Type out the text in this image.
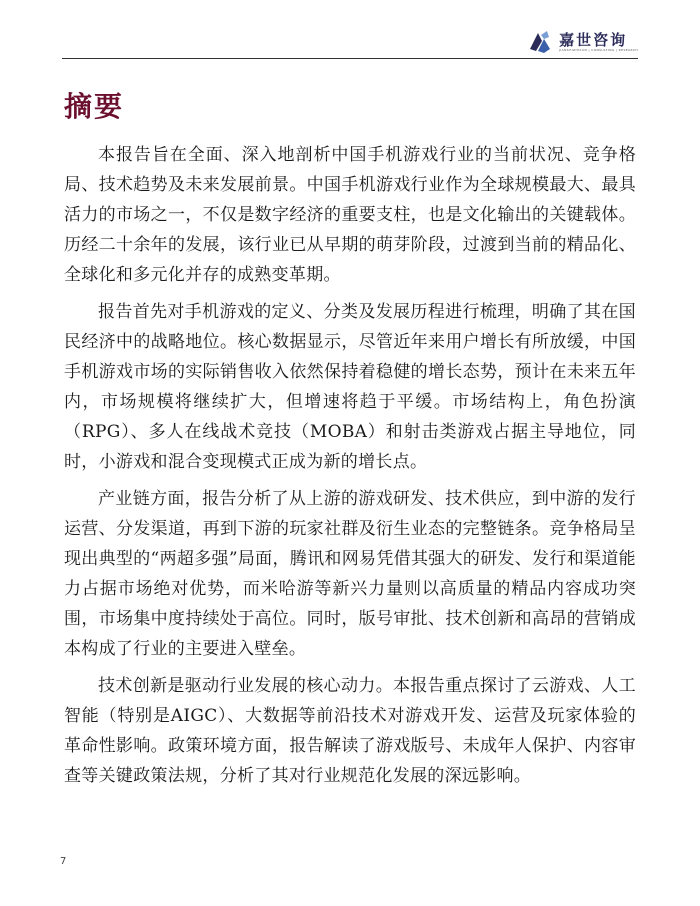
嘉世咨询
JIANSHIZHIXUN | CONSULTING | RESEARCH
摘要

本报告旨在全面、深入地剖析中国手机游戏行业的当前状况、竞争格局、技术趋势及未来发展前景。中国手机游戏行业作为全球规模最大、最具活力的市场之一，不仅是数字经济的重要支柱，也是文化输出的关键载体。历经二十余年的发展，该行业已从早期的萌芽阶段，过渡到当前的精品化、全球化和多元化并存的成熟变革期。

报告首先对手机游戏的定义、分类及发展历程进行梳理，明确了其在国民经济中的战略地位。核心数据显示，尽管近年来用户增长有所放缓，中国手机游戏市场的实际销售收入依然保持着稳健的增长态势，预计在未来五年内，市场规模将继续扩大，但增速将趋于平缓。市场结构上，角色扮演（RPG）、多人在线战术竞技（MOBA）和射击类游戏占据主导地位，同时，小游戏和混合变现模式正成为新的增长点。

产业链方面，报告分析了从上游的游戏研发、技术供应，到中游的发行运营、分发渠道，再到下游的玩家社群及衍生业态的完整链条。竞争格局呈现出典型的“两超多强”局面，腾讯和网易凭借其强大的研发、发行和渠道能力占据市场绝对优势，而米哈游等新兴力量则以高质量的精品内容成功突围，市场集中度持续处于高位。同时，版号审批、技术创新和高昂的营销成本构成了行业的主要进入壁垒。

技术创新是驱动行业发展的核心动力。本报告重点探讨了云游戏、人工智能（特别是AIGC）、大数据等前沿技术对游戏开发、运营及玩家体验的革命性影响。政策环境方面，报告解读了游戏版号、未成年人保护、内容审查等关键政策法规，分析了其对行业规范化发展的深远影响。

7
